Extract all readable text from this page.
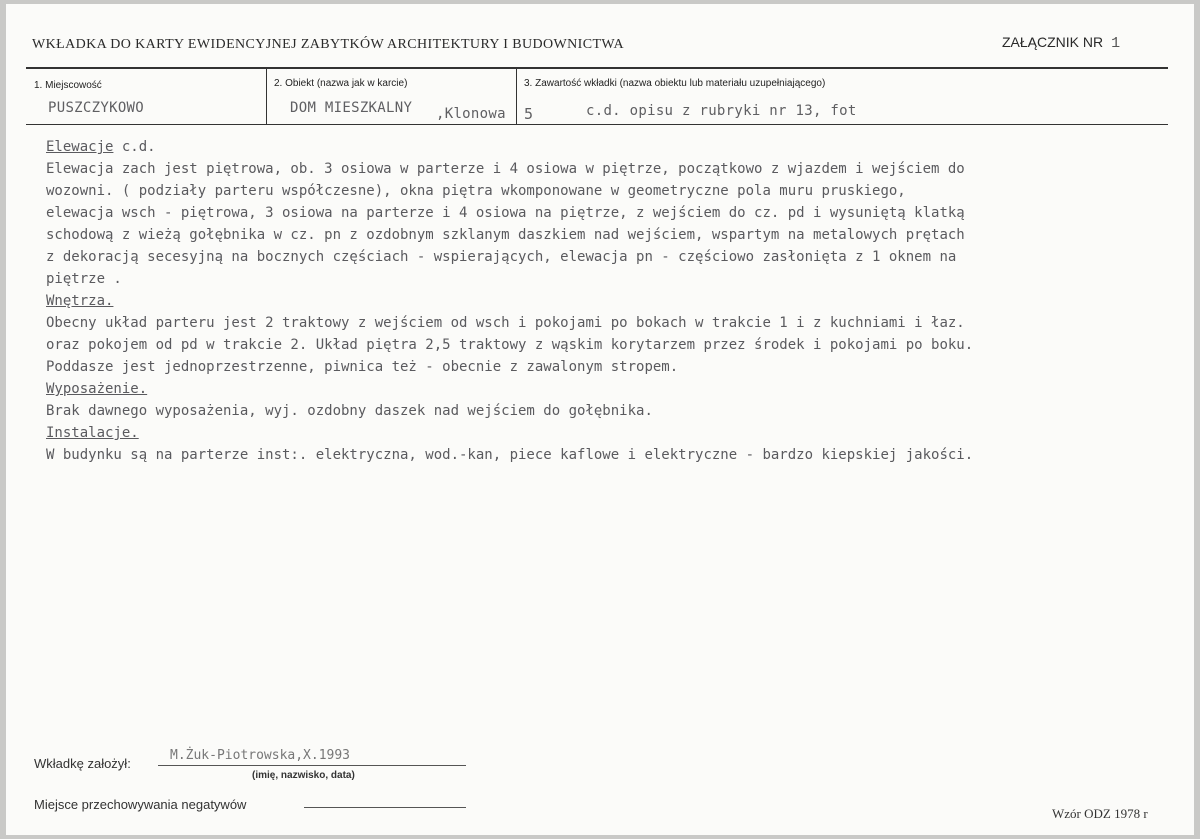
WKŁADKA DO KARTY EWIDENCYJNEJ ZABYTKÓW ARCHITEKTURY I BUDOWNICTWA	ZAŁĄCZNIK NR 1
1. Miejscowość
PUSZCZYKOWO
2. Obiekt (nazwa jak w karcie)
DOM MIESZKALNY ,Klonowa
3. Zawartość wkładki (nazwa obiektu lub materiału uzupełniającego)
5	c.d. opisu z rubryki nr 13, fot
Elewacje c.d.
Elewacja zach jest piętrowa, ob. 3 osiowa w parterze i 4 osiowa w piętrze, początkowo z wjazdem i wejściem do
wozowni. ( podziały parteru współczesne), okna piętra wkomponowane w geometryczne pola muru pruskiego,
elewacja wsch - piętrowa, 3 osiowa na parterze i 4 osiowa na piętrze, z wejściem do cz. pd i wysuniętą klatką
schodową z wieżą gołębnika w cz. pn z ozdobnym szklanym daszkiem nad wejściem, wspartym na metalowych prętach
z dekoracją secesyjną na bocznych częściach - wspierających, elewacja pn - częściowo zasłonięta z 1 oknem na
piętrze .
Wnętrza.
Obecny układ parteru jest 2 traktowy z wejściem od wsch i pokojami po bokach w trakcie 1 i z kuchniami i łaz.
oraz pokojem od pd w trakcie 2. Układ piętra 2,5 traktowy z wąskim korytarzem przez środek i pokojami po boku.
Poddasze jest jednoprzestrzenne, piwnica też - obecnie z zawalonym stropem.
Wyposażenie.
Brak dawnego wyposażenia, wyj. ozdobny daszek nad wejściem do gołębnika.
Instalacje.
W budynku są na parterze inst:. elektryczna, wod.-kan, piece kaflowe i elektryczne - bardzo kiepskiej jakości.
Wkładkę założył:
M.Żuk-Piotrowska,X.1993
(imię, nazwisko, data)
Miejsce przechowywania negatywów
Wzór ODZ 1978 r
